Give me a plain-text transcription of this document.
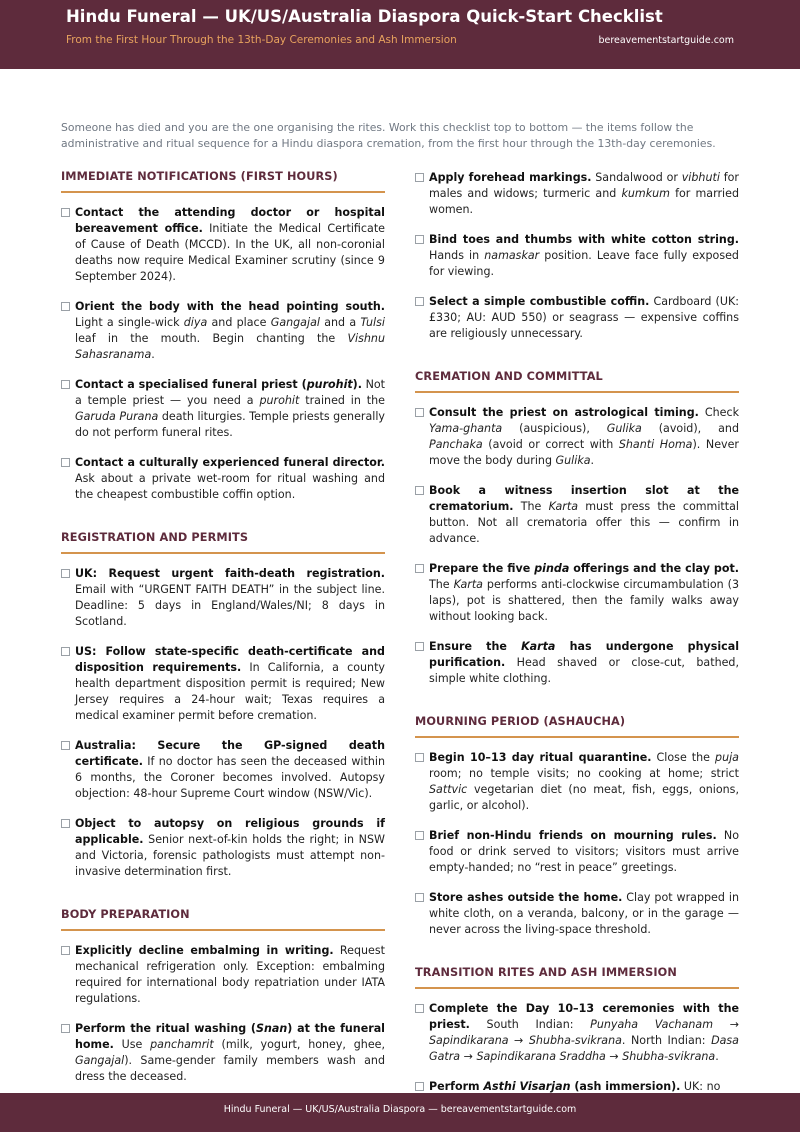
Hindu Funeral — UK/US/Australia Diaspora Quick-Start Checklist
From the First Hour Through the 13th-Day Ceremonies and Ash Immersion	bereavementstartguide.com

Someone has died and you are the one organising the rites. Work this checklist top to bottom — the items follow the administrative and ritual sequence for a Hindu diaspora cremation, from the first hour through the 13th-day ceremonies.

IMMEDIATE NOTIFICATIONS (FIRST HOURS)
Contact the attending doctor or hospital bereavement office. Initiate the Medical Certificate of Cause of Death (MCCD). In the UK, all non-coronial deaths now require Medical Examiner scrutiny (since 9 September 2024).
Orient the body with the head pointing south. Light a single-wick diya and place Gangajal and a Tulsi leaf in the mouth. Begin chanting the Vishnu Sahasranama.
Contact a specialised funeral priest (purohit). Not a temple priest — you need a purohit trained in the Garuda Purana death liturgies. Temple priests generally do not perform funeral rites.
Contact a culturally experienced funeral director. Ask about a private wet-room for ritual washing and the cheapest combustible coffin option.
REGISTRATION AND PERMITS
UK: Request urgent faith-death registration. Email with “URGENT FAITH DEATH” in the subject line. Deadline: 5 days in England/Wales/NI; 8 days in Scotland.
US: Follow state-specific death-certificate and disposition requirements. In California, a county health department disposition permit is required; New Jersey requires a 24-hour wait; Texas requires a medical examiner permit before cremation.
Australia: Secure the GP-signed death certificate. If no doctor has seen the deceased within 6 months, the Coroner becomes involved. Autopsy objection: 48-hour Supreme Court window (NSW/Vic).
Object to autopsy on religious grounds if applicable. Senior next-of-kin holds the right; in NSW and Victoria, forensic pathologists must attempt non-invasive determination first.
BODY PREPARATION
Explicitly decline embalming in writing. Request mechanical refrigeration only. Exception: embalming required for international body repatriation under IATA regulations.
Perform the ritual washing (Snan) at the funeral home. Use panchamrit (milk, yogurt, honey, ghee, Gangajal). Same-gender family members wash and dress the deceased.
Apply forehead markings. Sandalwood or vibhuti for males and widows; turmeric and kumkum for married women.
Bind toes and thumbs with white cotton string. Hands in namaskar position. Leave face fully exposed for viewing.
Select a simple combustible coffin. Cardboard (UK: £330; AU: AUD 550) or seagrass — expensive coffins are religiously unnecessary.
CREMATION AND COMMITTAL
Consult the priest on astrological timing. Check Yama-ghanta (auspicious), Gulika (avoid), and Panchaka (avoid or correct with Shanti Homa). Never move the body during Gulika.
Book a witness insertion slot at the crematorium. The Karta must press the committal button. Not all crematoria offer this — confirm in advance.
Prepare the five pinda offerings and the clay pot. The Karta performs anti-clockwise circumambulation (3 laps), pot is shattered, then the family walks away without looking back.
Ensure the Karta has undergone physical purification. Head shaved or close-cut, bathed, simple white clothing.
MOURNING PERIOD (ASHAUCHA)
Begin 10–13 day ritual quarantine. Close the puja room; no temple visits; no cooking at home; strict Sattvic vegetarian diet (no meat, fish, eggs, onions, garlic, or alcohol).
Brief non-Hindu friends on mourning rules. No food or drink served to visitors; visitors must arrive empty-handed; no “rest in peace” greetings.
Store ashes outside the home. Clay pot wrapped in white cloth, on a veranda, balcony, or in the garage — never across the living-space threshold.
TRANSITION RITES AND ASH IMMERSION
Complete the Day 10–13 ceremonies with the priest. South Indian: Punyaha Vachanam → Sapindikarana → Shubha-svikrana. North Indian: Dasa Gatra → Sapindikarana Sraddha → Shubha-svikrana.
Perform Asthi Visarjan (ash immersion). UK: no
Hindu Funeral — UK/US/Australia Diaspora — bereavementstartguide.com
